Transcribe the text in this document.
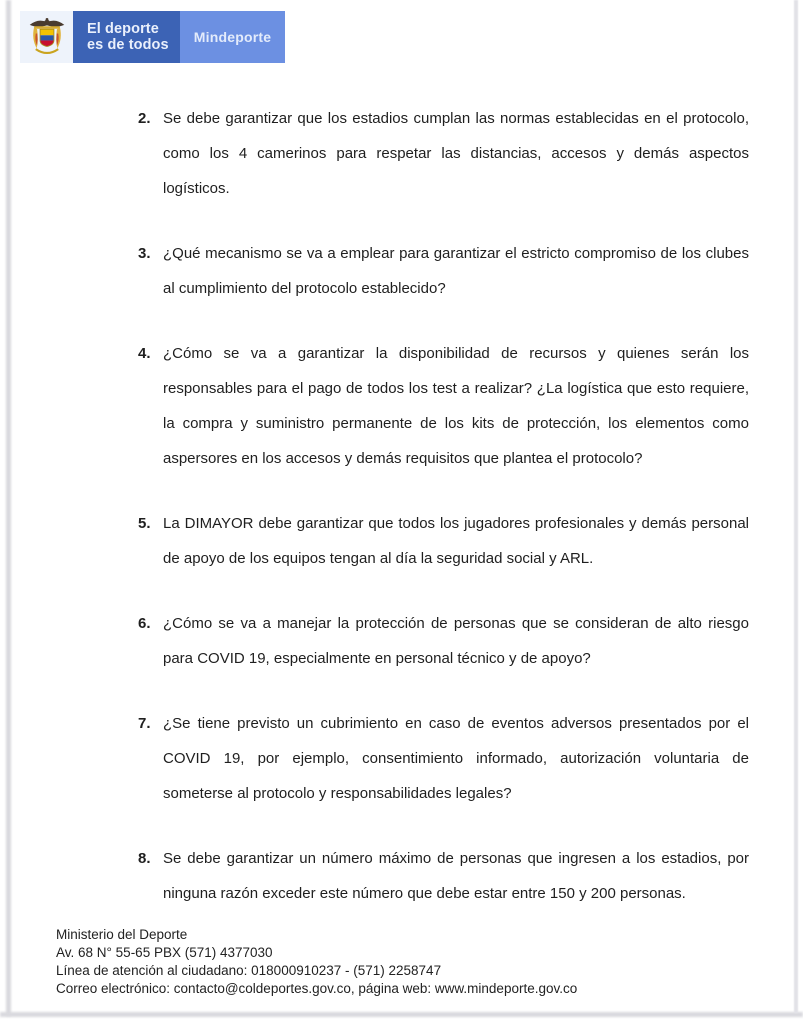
El deporte
es de todos	Mindeporte
2. Se debe garantizar que los estadios cumplan las normas establecidas en el protocolo, como los 4 camerinos para respetar las distancias, accesos y demás aspectos logísticos.

3. ¿Qué mecanismo se va a emplear para garantizar el estricto compromiso de los clubes al cumplimiento del protocolo establecido?

4. ¿Cómo se va a garantizar la disponibilidad de recursos y quienes serán los responsables para el pago de todos los test a realizar? ¿La logística que esto requiere, la compra y suministro permanente de los kits de protección, los elementos como aspersores en los accesos y demás requisitos que plantea el protocolo?

5. La DIMAYOR debe garantizar que todos los jugadores profesionales y demás personal de apoyo de los equipos tengan al día la seguridad social y ARL.

6. ¿Cómo se va a manejar la protección de personas que se consideran de alto riesgo para COVID 19, especialmente en personal técnico y de apoyo?

7. ¿Se tiene previsto un cubrimiento en caso de eventos adversos presentados por el COVID 19, por ejemplo, consentimiento informado, autorización voluntaria de someterse al protocolo y responsabilidades legales?

8. Se debe garantizar un número máximo de personas que ingresen a los estadios, por ninguna razón exceder este número que debe estar entre 150 y 200 personas.

Ministerio del Deporte
Av. 68 N° 55-65 PBX (571) 4377030
Línea de atención al ciudadano: 018000910237 - (571) 2258747
Correo electrónico: contacto@coldeportes.gov.co, página web: www.mindeporte.gov.co
